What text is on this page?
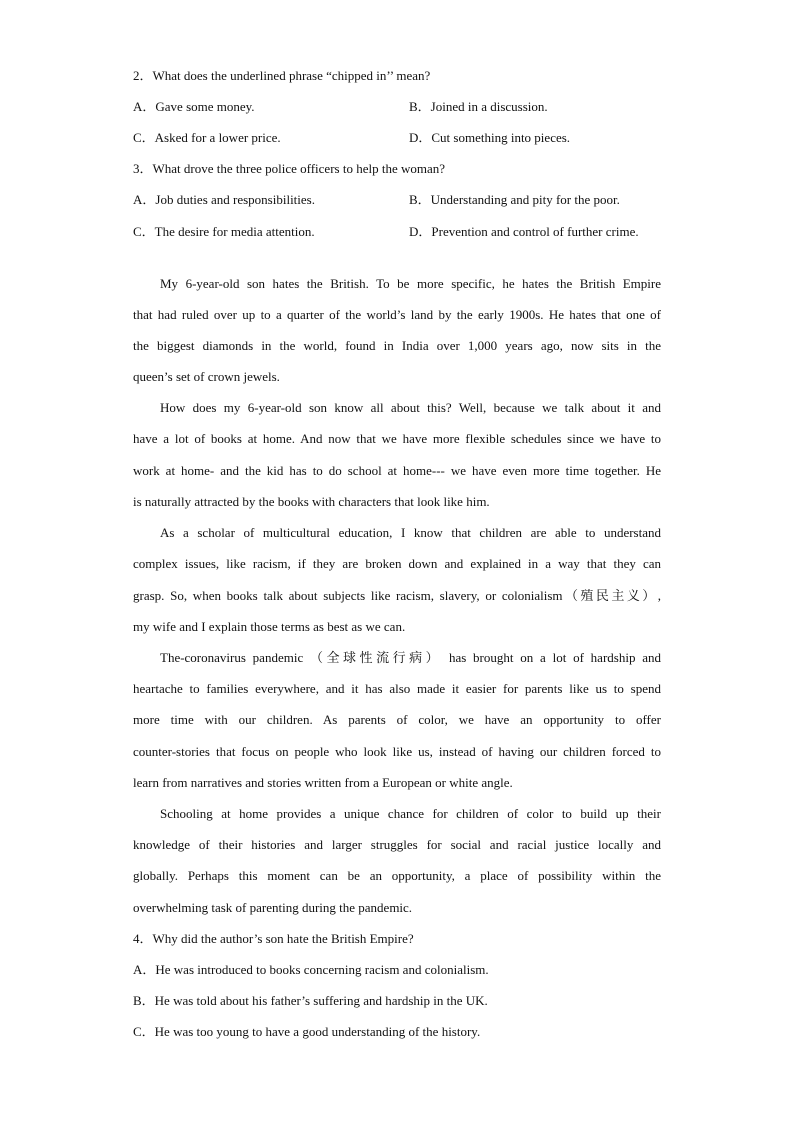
2．What does the underlined phrase “chipped in’’ mean?
A．Gave some money.	B．Joined in a discussion.
C．Asked for a lower price.	D．Cut something into pieces.
3．What drove the three police officers to help the woman?
A．Job duties and responsibilities.	B．Understanding and pity for the poor.
C．The desire for media attention.	D．Prevention and control of further crime.
My 6-year-old son hates the British. To be more specific, he hates the British Empire
that had ruled over up to a quarter of the world’s land by the early 1900s. He hates that one of
the biggest diamonds in the world, found in India over 1,000 years ago, now sits in the
queen’s set of crown jewels.
How does my 6-year-old son know all about this? Well, because we talk about it and
have a lot of books at home. And now that we have more flexible schedules since we have to
work at home- and the kid has to do school at home--- we have even more time together. He
is naturally attracted by the books with characters that look like him.
As a scholar of multicultural education, I know that children are able to understand
complex issues, like racism, if they are broken down and explained in a way that they can
grasp. So, when books talk about subjects like racism, slavery, or colonialism（殖民主义）,
my wife and I explain those terms as best as we can.
The-coronavirus pandemic （全球性流行病） has brought on a lot of hardship and
heartache to families everywhere, and it has also made it easier for parents like us to spend
more time with our children. As parents of color, we have an opportunity to offer
counter-stories that focus on people who look like us, instead of having our children forced to
learn from narratives and stories written from a European or white angle.
Schooling at home provides a unique chance for children of color to build up their
knowledge of their histories and larger struggles for social and racial justice locally and
globally. Perhaps this moment can be an opportunity, a place of possibility within the
overwhelming task of parenting during the pandemic.
4．Why did the author’s son hate the British Empire?
A．He was introduced to books concerning racism and colonialism.
B．He was told about his father’s suffering and hardship in the UK.
C．He was too young to have a good understanding of the history.
